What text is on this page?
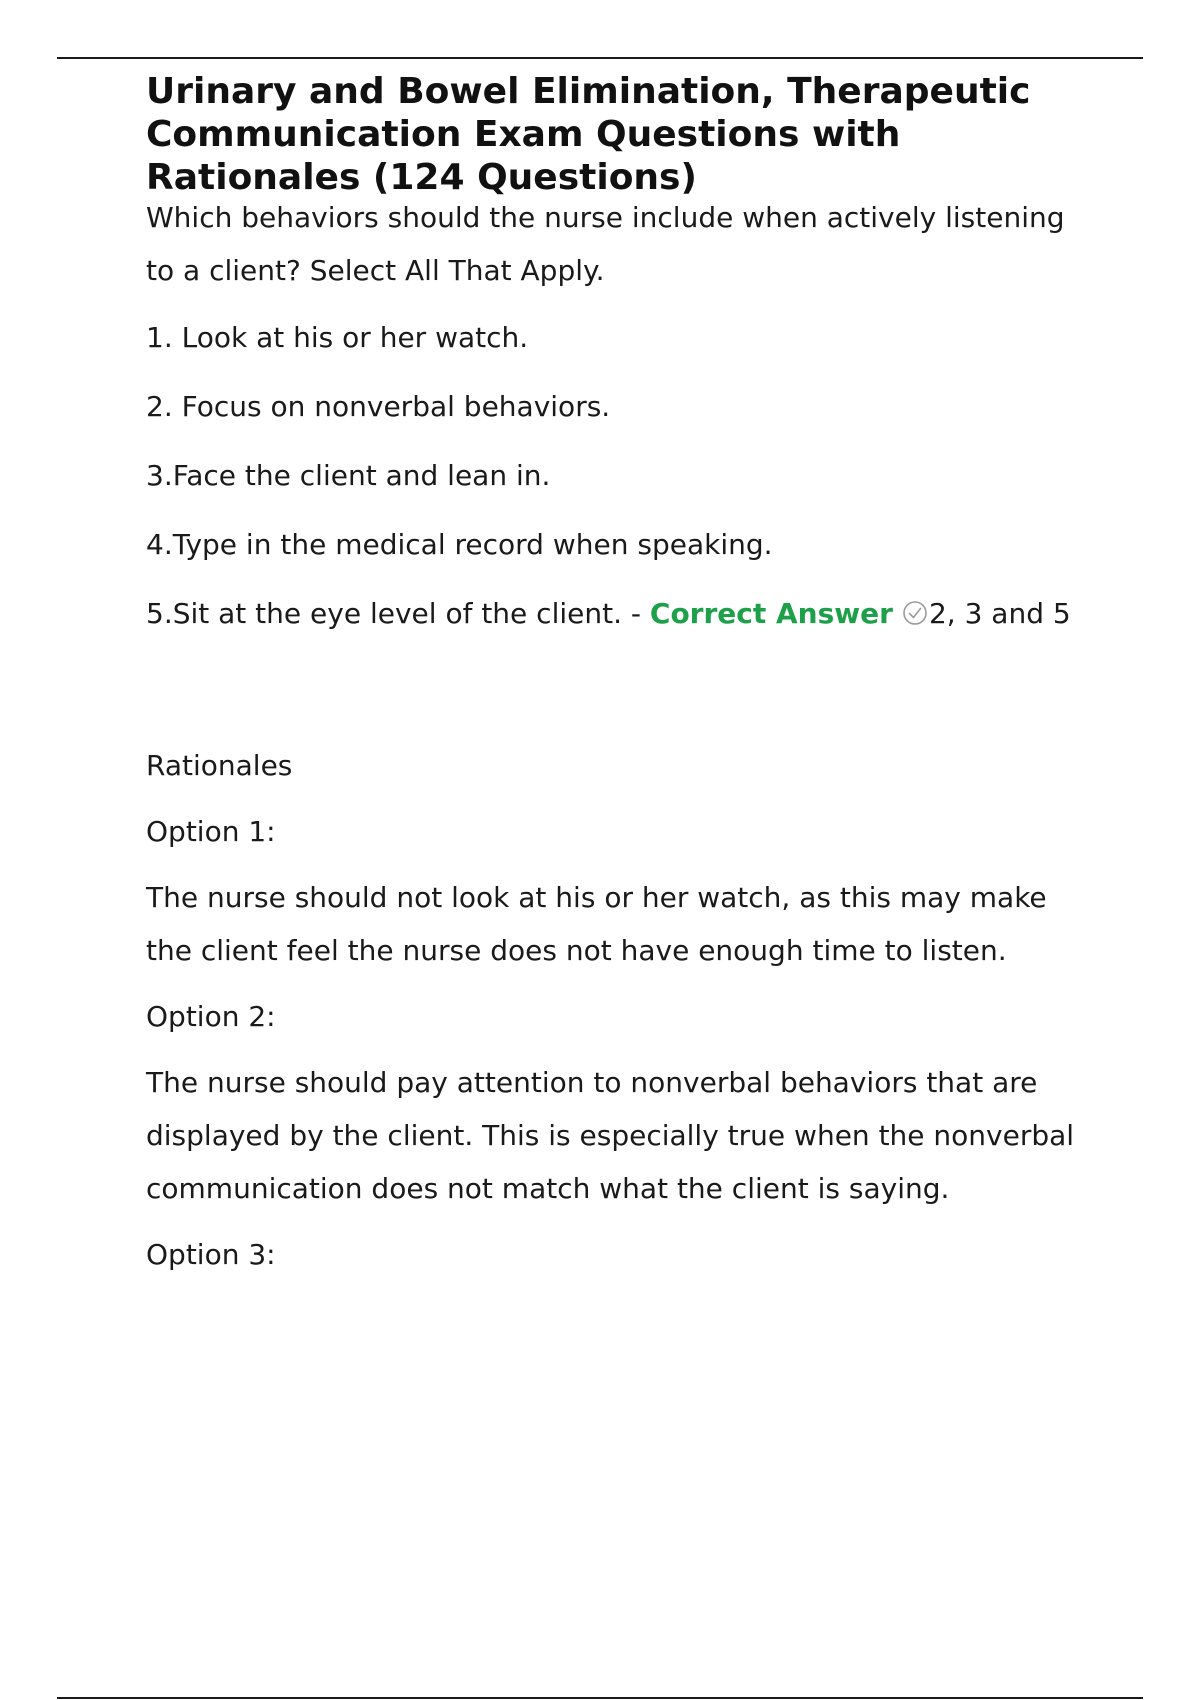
Urinary and Bowel Elimination, Therapeutic Communication Exam Questions with Rationales (124 Questions)

Which behaviors should the nurse include when actively listening to a client? Select All That Apply.

1. Look at his or her watch.

2. Focus on nonverbal behaviors.

3.Face the client and lean in.

4.Type in the medical record when speaking.

5.Sit at the eye level of the client. - Correct Answer 2, 3 and 5

Rationales

Option 1:

The nurse should not look at his or her watch, as this may make the client feel the nurse does not have enough time to listen.

Option 2:

The nurse should pay attention to nonverbal behaviors that are displayed by the client. This is especially true when the nonverbal communication does not match what the client is saying.

Option 3:
